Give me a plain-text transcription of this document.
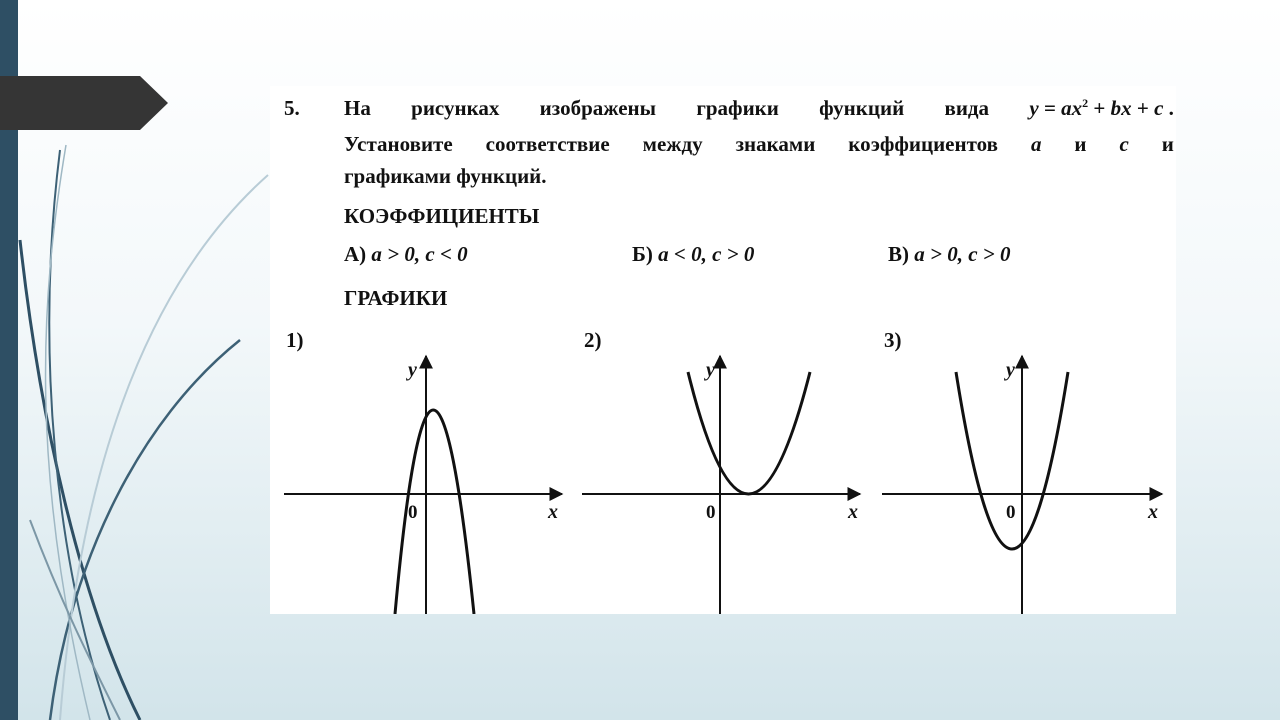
5. На рисунках изображены графики функций вида $y = ax^2$ + bx + c .
Установите соответствие между знаками коэффициентов a и c и
графиками функций.
КОЭФФИЦИЕНТЫ
А) a > 0, c < 0	Б) a < 0, c > 0	В) a > 0, c > 0
ГРАФИКИ
1)	2)	3)
y
x
0
y
x
0
y
x
0
